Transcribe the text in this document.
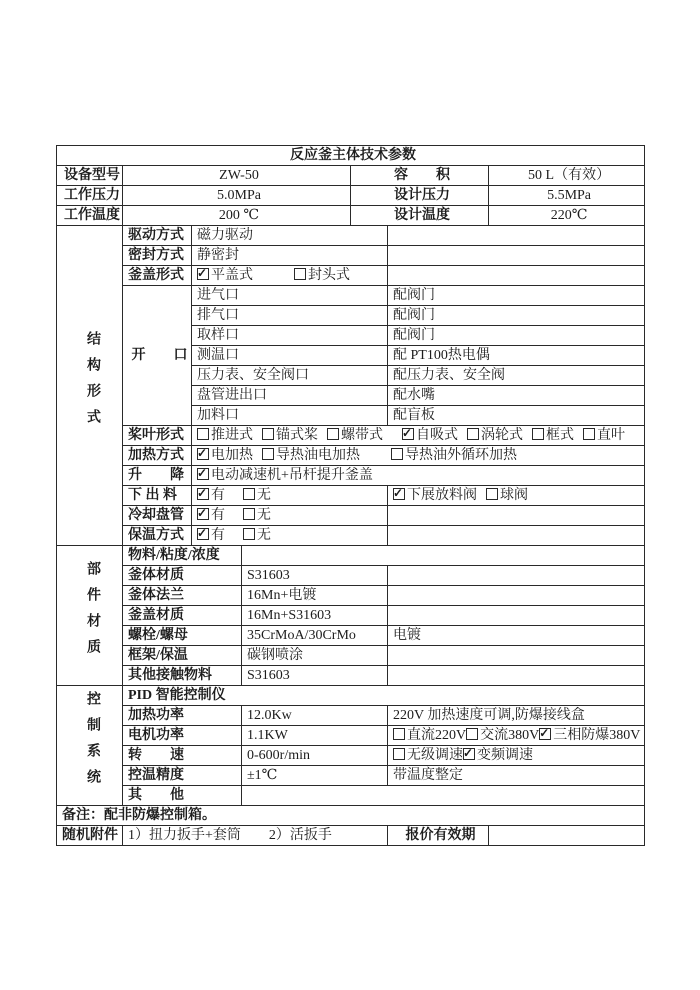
反应釜主体技术参数						
设备型号	ZW-50			容　　积		50 L（有效）
工作压力	5.0MPa			设计压力		5.5MPa
工作温度	200 ℃			设计温度		220℃
结构形式	驱动方式	磁力驱动				
	密封方式	静密封				
	釜盖形式	✓平盖式 封头式	
	开　　口	进气口			配阀门	
		排气口			配阀门	
		取样口			配阀门	
		测温口			配 PT100热电偶	
		压力表、安全阀口			配压力表、安全阀	
		盘管进出口			配水嘴	
		加料口			配盲板	
	桨叶形式	推进式 锚式桨 螺带式 ✓ 自吸式 涡轮式 框式 直叶
	加热方式	✓电加热 导热油电加热 导热油外循环加热
	升　　降	✓电动减速机+吊杆提升釜盖
	下 出 料	✓有 无	✓下展放料阀 球阀
	冷却盘管	✓有 无	
	保温方式	✓有 无	
部件材质	物料/粘度/浓度					
	釜体材质		S31603			
	釜体法兰		16Mn+电镀			
	釜盖材质		16Mn+S31603			
	螺栓/螺母		35CrMoA/30CrMo		电镀	
	框架/保温		碳钢喷涂			
	其他接触物料		S31603			
控制系统	PID 智能控制仪					
	加热功率		12.0Kw		220V 加热速度可调,防爆接线盒	
	电机功率		1.1KW		直流220V 交流380V ✓ 三相防爆380V
	转　　速		0-600r/min		无级调速 ✓ 变频调速
	控温精度		±1℃		带温度整定	
	其　　他					
备注：配非防爆控制箱。						
随机附件	1）扭力扳手+套筒　　2）活扳手				报价有效期	
